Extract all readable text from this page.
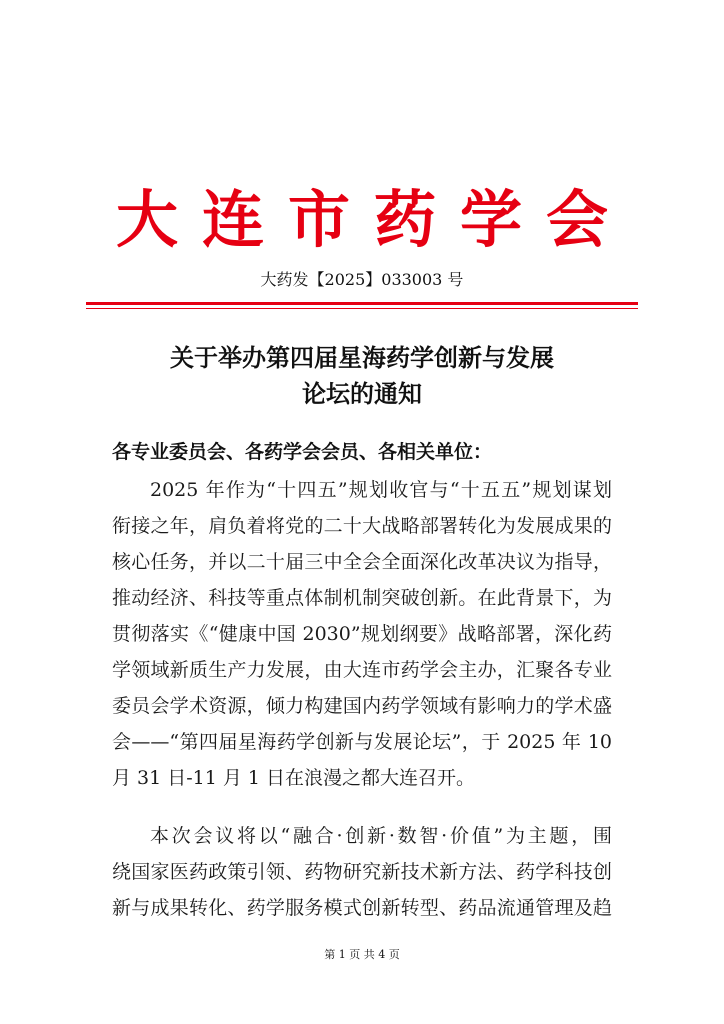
大连市药学会
大药发【2025】033003 号
关于举办第四届星海药学创新与发展
论坛的通知
各专业委员会、各药学会会员、各相关单位：
2025 年作为“十四五”规划收官与“十五五”规划谋划
衔接之年，肩负着将党的二十大战略部署转化为发展成果的
核心任务，并以二十届三中全会全面深化改革决议为指导，
推动经济、科技等重点体制机制突破创新。在此背景下，为
贯彻落实《“健康中国 2030”规划纲要》战略部署，深化药
学领域新质生产力发展，由大连市药学会主办，汇聚各专业
委员会学术资源，倾力构建国内药学领域有影响力的学术盛
会——“第四届星海药学创新与发展论坛”，于 2025 年 10
月 31 日-11 月 1 日在浪漫之都大连召开。
本次会议将以“融合·创新·数智·价值”为主题，围
绕国家医药政策引领、药物研究新技术新方法、药学科技创
新与成果转化、药学服务模式创新转型、药品流通管理及趋
第 1 页 共 4 页
